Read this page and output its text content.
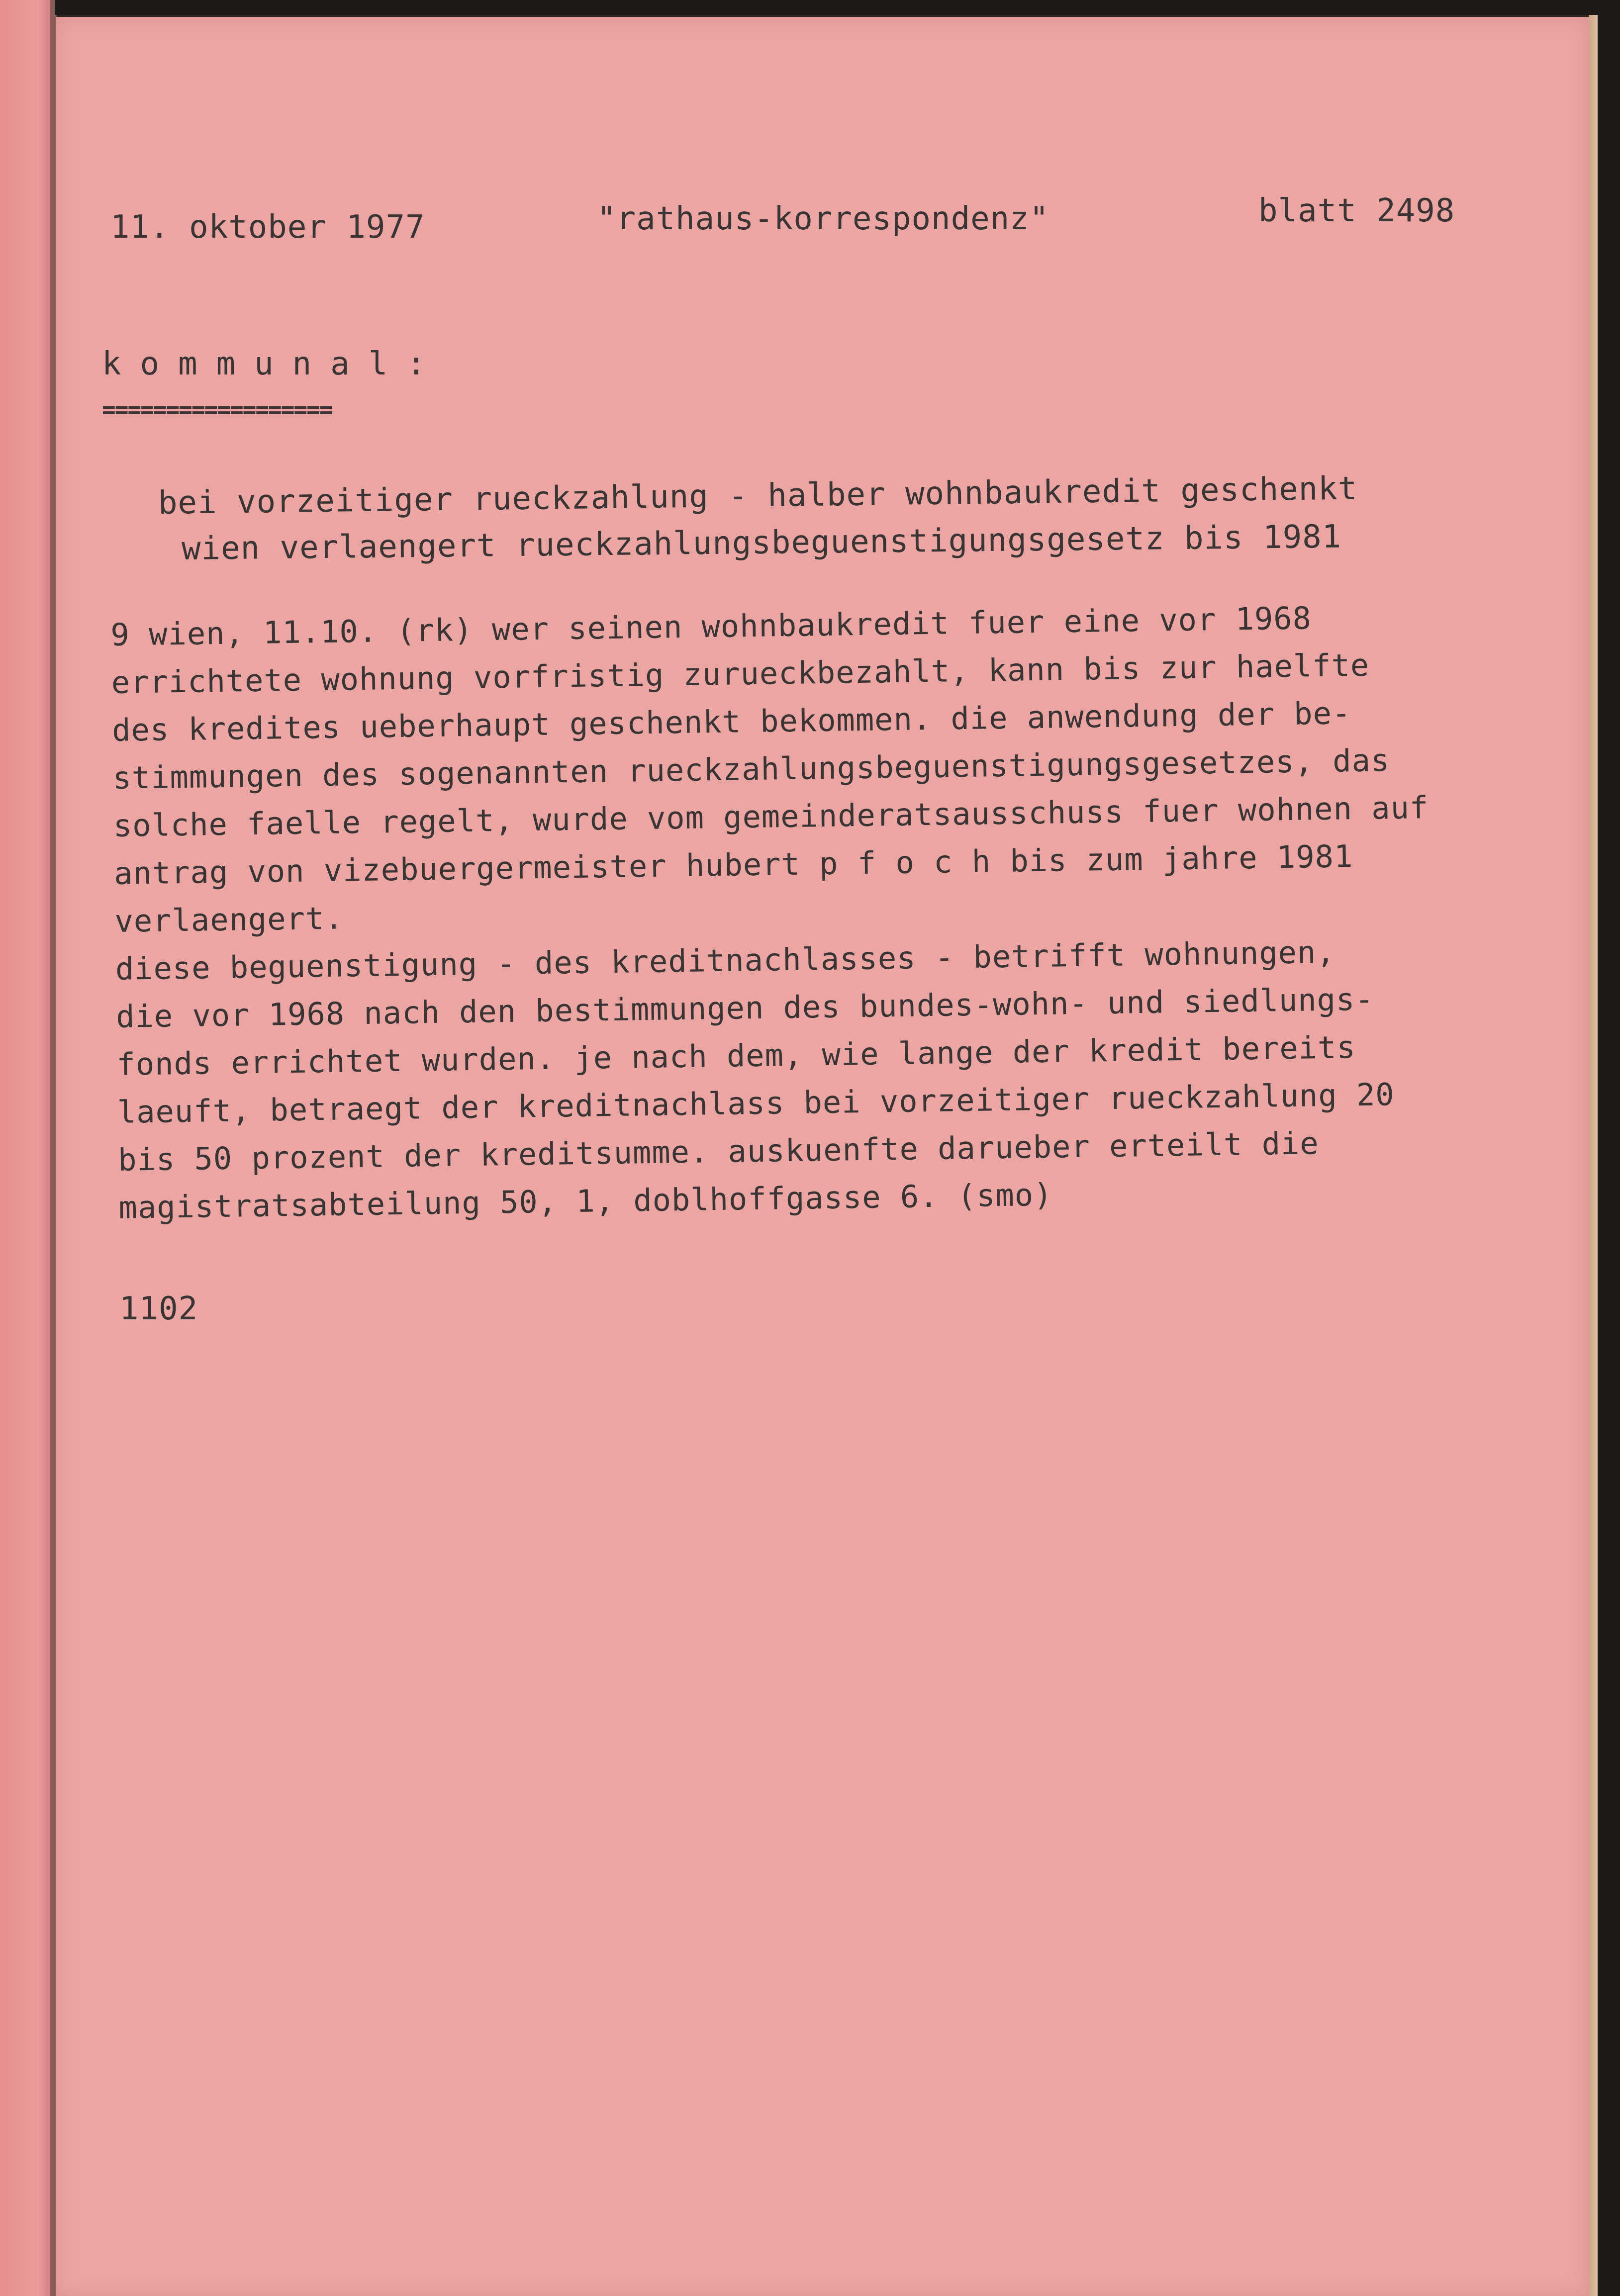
11. oktober 1977	"rathaus-korrespondenz"	blatt 2498
kommunal:
==================
bei vorzeitiger rueckzahlung - halber wohnbaukredit geschenkt
wien verlaengert rueckzahlungsbeguenstigungsgesetz bis 1981
9 wien, 11.10. (rk) wer seinen wohnbaukredit fuer eine vor 1968
errichtete wohnung vorfristig zurueckbezahlt, kann bis zur haelfte
des kredites ueberhaupt geschenkt bekommen. die anwendung der be-
stimmungen des sogenannten rueckzahlungsbeguenstigungsgesetzes, das
solche faelle regelt, wurde vom gemeinderatsausschuss fuer wohnen auf
antrag von vizebuergermeister hubert p f o c h bis zum jahre 1981
verlaengert.
diese beguenstigung - des kreditnachlasses - betrifft wohnungen,
die vor 1968 nach den bestimmungen des bundes-wohn- und siedlungs-
fonds errichtet wurden. je nach dem, wie lange der kredit bereits
laeuft, betraegt der kreditnachlass bei vorzeitiger rueckzahlung 20
bis 50 prozent der kreditsumme. auskuenfte darueber erteilt die
magistratsabteilung 50, 1, doblhoffgasse 6. (smo)
1102
